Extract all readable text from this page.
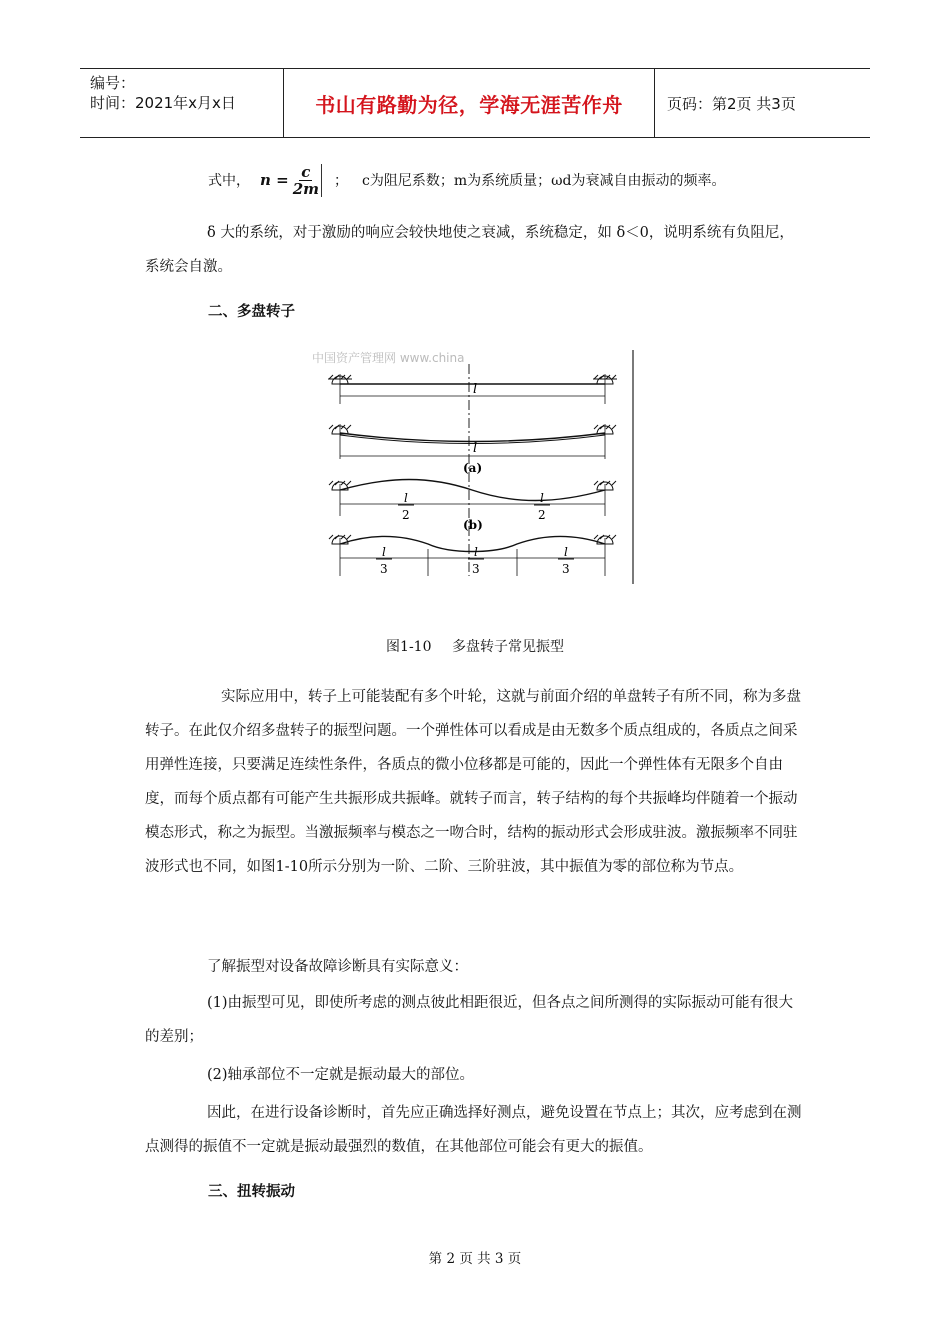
编号：
时间：2021年x月x日	书山有路勤为径，学海无涯苦作舟	页码：第2页 共3页
式中， $n = \frac{c}{2m}$ ； c为阻尼系数；m为系统质量；ωd为衰减自由振动的频率。

δ 大的系统，对于激励的响应会较快地使之衰减，系统稳定，如 δ＜0，说明系统有负阻尼，系统会自激。

二、多盘转子
中国资产管理网 www.china
l
l
(a)
l
2
l
2
(b)
l
3
l
3
l
3
图1-10 多盘转子常见振型

实际应用中，转子上可能装配有多个叶轮，这就与前面介绍的单盘转子有所不同，称为多盘转子。在此仅介绍多盘转子的振型问题。一个弹性体可以看成是由无数多个质点组成的，各质点之间采用弹性连接，只要满足连续性条件，各质点的微小位移都是可能的，因此一个弹性体有无限多个自由度，而每个质点都有可能产生共振形成共振峰。就转子而言，转子结构的每个共振峰均伴随着一个振动模态形式，称之为振型。当激振频率与模态之一吻合时，结构的振动形式会形成驻波。激振频率不同驻波形式也不同，如图1-10所示分别为一阶、二阶、三阶驻波，其中振值为零的部位称为节点。

了解振型对设备故障诊断具有实际意义：

(1)由振型可见，即使所考虑的测点彼此相距很近，但各点之间所测得的实际振动可能有很大的差别；

(2)轴承部位不一定就是振动最大的部位。

因此，在进行设备诊断时，首先应正确选择好测点，避免设置在节点上；其次，应考虑到在测点测得的振值不一定就是振动最强烈的数值，在其他部位可能会有更大的振值。

三、扭转振动
第 2 页 共 3 页
